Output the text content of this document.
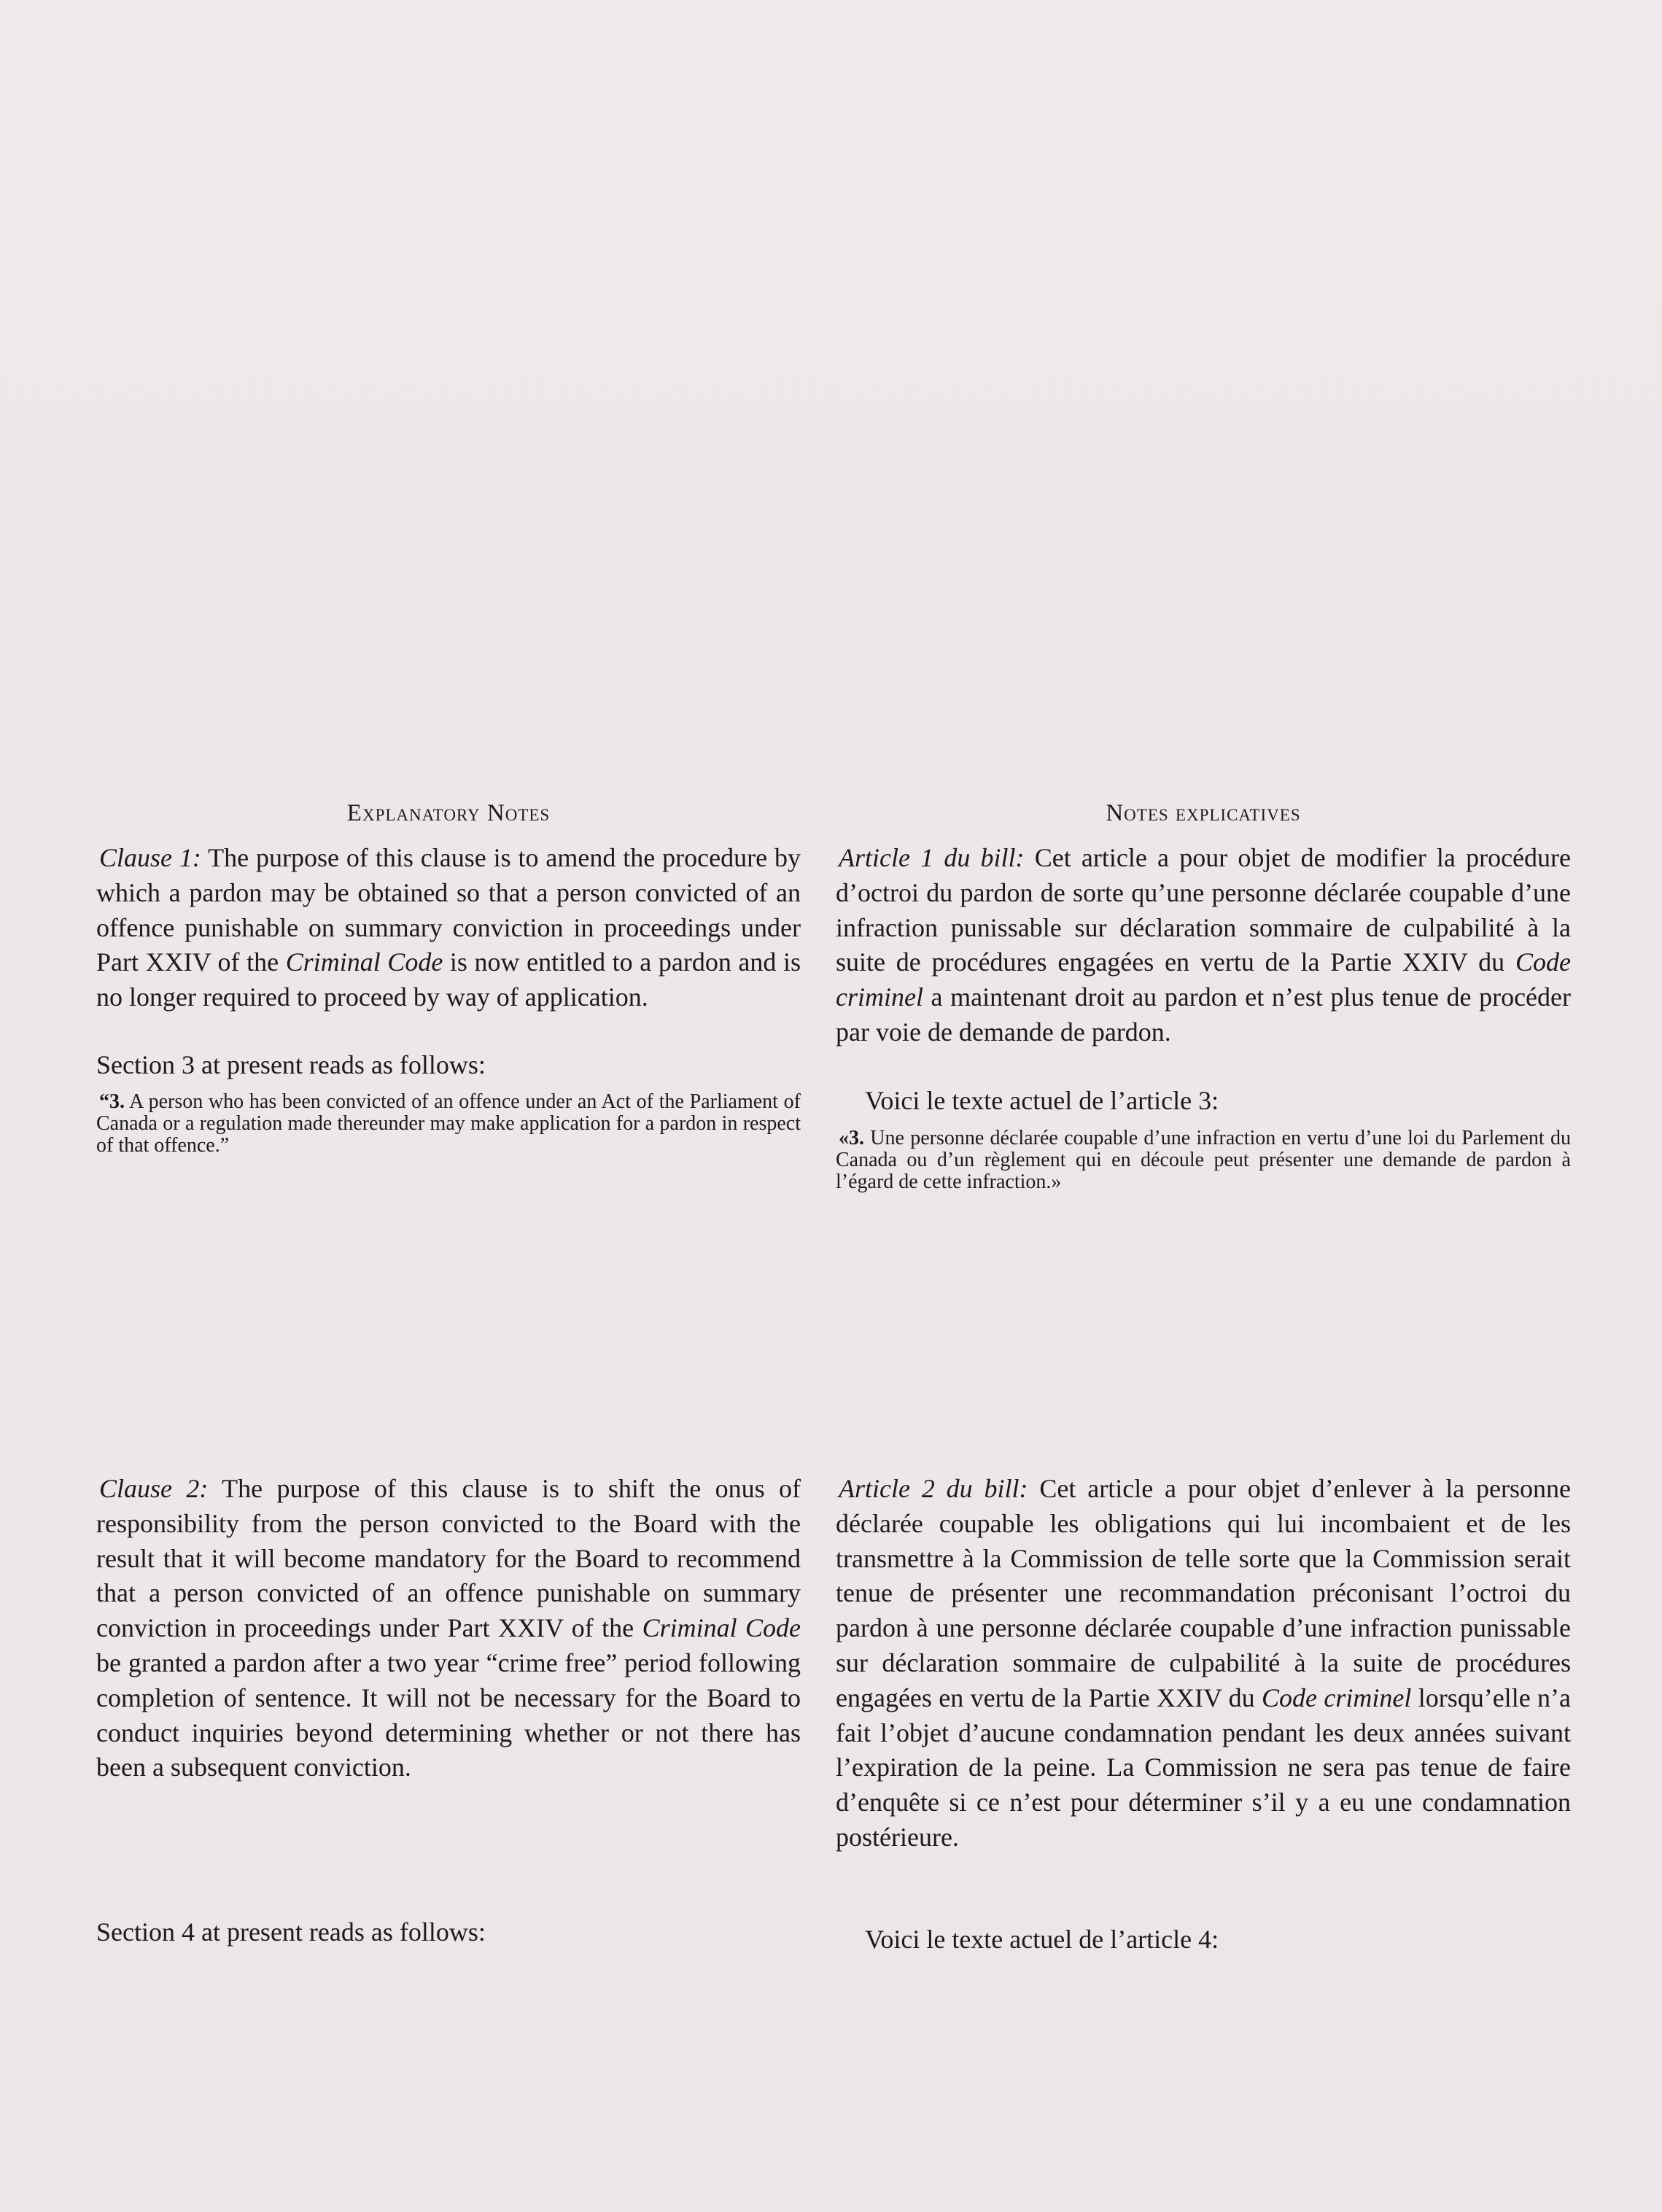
Explanatory Notes

Clause 1: The purpose of this clause is to amend the procedure by which a pardon may be obtained so that a person convicted of an offence punishable on summary conviction in proceedings under Part XXIV of the Criminal Code is now entitled to a pardon and is no longer required to proceed by way of application.

Section 3 at present reads as follows:

“3. A person who has been convicted of an offence under an Act of the Parliament of Canada or a regulation made thereunder may make application for a pardon in respect of that offence.”

Clause 2: The purpose of this clause is to shift the onus of responsibility from the person convicted to the Board with the result that it will become mandatory for the Board to recommend that a person convicted of an offence punishable on summary conviction in proceedings under Part XXIV of the Criminal Code be granted a pardon after a two year “crime free” period following completion of sentence. It will not be necessary for the Board to conduct inquiries beyond determining whether or not there has been a subsequent conviction.

Section 4 at present reads as follows:
Notes explicatives

Article 1 du bill: Cet article a pour objet de modifier la procédure d’octroi du pardon de sorte qu’une personne déclarée coupable d’une infraction punissable sur déclaration sommaire de culpabilité à la suite de procédures engagées en vertu de la Partie XXIV du Code criminel a maintenant droit au pardon et n’est plus tenue de procéder par voie de demande de pardon.

Voici le texte actuel de l’article 3:

«3. Une personne déclarée coupable d’une infraction en vertu d’une loi du Parlement du Canada ou d’un règlement qui en découle peut présenter une demande de pardon à l’égard de cette infraction.»

Article 2 du bill: Cet article a pour objet d’enlever à la personne déclarée coupable les obligations qui lui incombaient et de les transmettre à la Commission de telle sorte que la Commission serait tenue de présenter une recommandation préconisant l’octroi du pardon à une personne déclarée coupable d’une infraction punissable sur déclaration sommaire de culpabilité à la suite de procédures engagées en vertu de la Partie XXIV du Code criminel lorsqu’elle n’a fait l’objet d’aucune condamnation pendant les deux années suivant l’expiration de la peine. La Commission ne sera pas tenue de faire d’enquête si ce n’est pour déterminer s’il y a eu une condamnation postérieure.

Voici le texte actuel de l’article 4:
